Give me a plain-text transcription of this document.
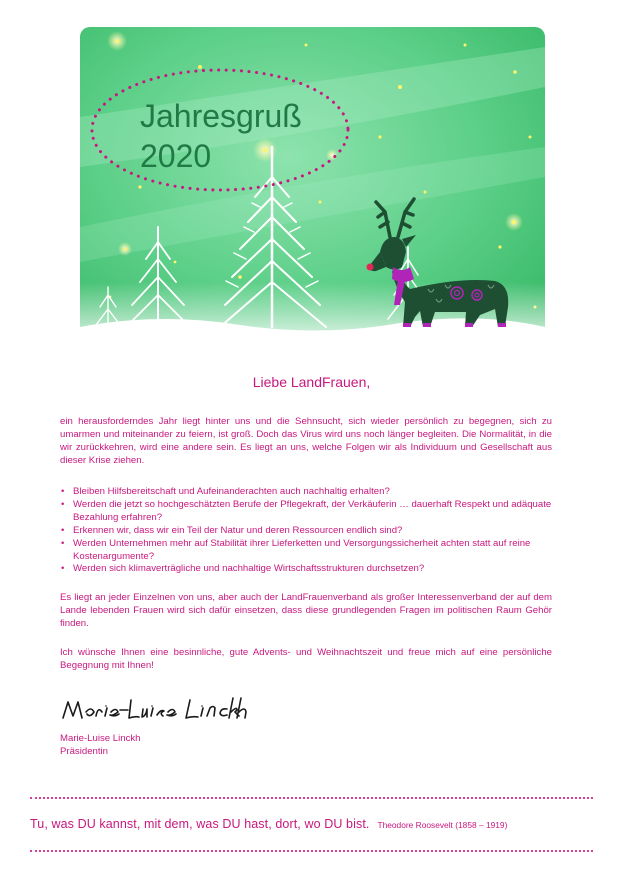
Jahresgruß
2020
Liebe LandFrauen,

ein herausforderndes Jahr liegt hinter uns und die Sehnsucht, sich wieder persönlich zu begegnen, sich zu umarmen und miteinander zu feiern, ist groß. Doch das Virus wird uns noch länger begleiten. Die Normalität, in die wir zurückkehren, wird eine andere sein. Es liegt an uns, welche Folgen wir als Individuum und Gesellschaft aus dieser Krise ziehen.

• Bleiben Hilfsbereitschaft und Aufeinanderachten auch nachhaltig erhalten?
• Werden die jetzt so hochgeschätzten Berufe der Pflegekraft, der Verkäuferin … dauerhaft Respekt und adäquate Bezahlung erfahren?
• Erkennen wir, dass wir ein Teil der Natur und deren Ressourcen endlich sind?
• Werden Unternehmen mehr auf Stabilität ihrer Lieferketten und Versorgungssicherheit achten statt auf reine Kostenargumente?
• Werden sich klimaverträgliche und nachhaltige Wirtschaftsstrukturen durchsetzen?

Es liegt an jeder Einzelnen von uns, aber auch der LandFrauenverband als großer Interessenverband der auf dem Lande lebenden Frauen wird sich dafür einsetzen, dass diese grundlegenden Fragen im politischen Raum Gehör finden.

Ich wünsche Ihnen eine besinnliche, gute Advents- und Weihnachtszeit und freue mich auf eine persönliche Begegnung mit Ihnen!

Marie-Luise Linckh
Präsidentin
Tu, was DU kannst, mit dem, was DU hast, dort, wo DU bist. Theodore Roosevelt (1858 – 1919)
